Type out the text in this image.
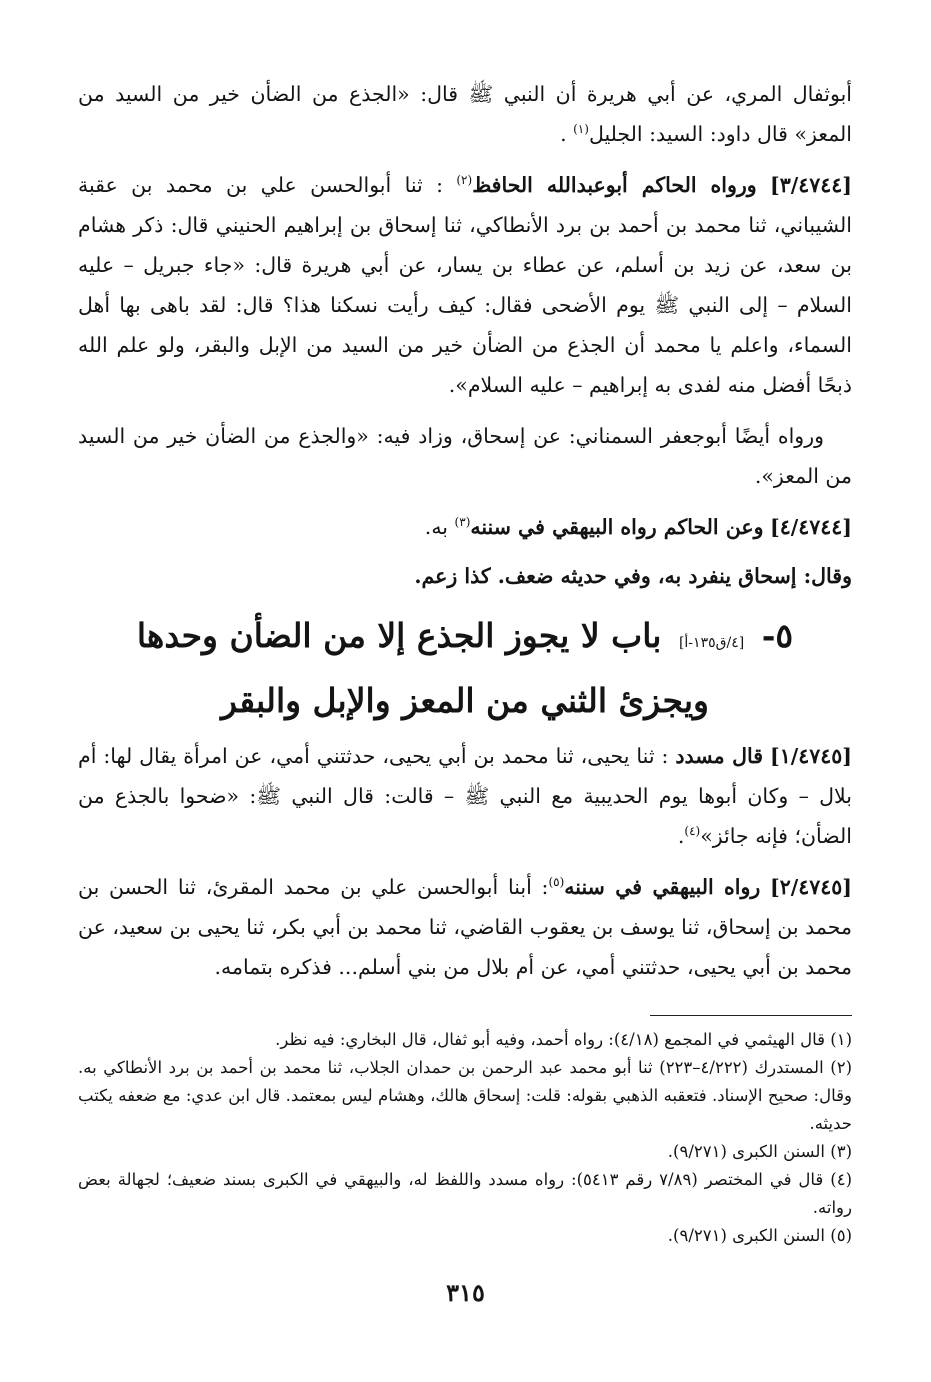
أبوثفال المري، عن أبي هريرة أن النبي ﷺ قال: «الجذع من الضأن خير من السيد من المعز» قال داود: السيد: الجليل$^{(١)}$ .

[٣/٤٧٤٤] ورواه الحاكم أبوعبدالله الحافظ$^{(٢)}$ : ثنا أبوالحسن علي بن محمد بن عقبة الشيباني، ثنا محمد بن أحمد بن برد الأنطاكي، ثنا إسحاق بن إبراهيم الحنيني قال: ذكر هشام بن سعد، عن زيد بن أسلم، عن عطاء بن يسار، عن أبي هريرة قال: «جاء جبريل – عليه السلام – إلى النبي ﷺ يوم الأضحى فقال: كيف رأيت نسكنا هذا؟ قال: لقد باهى بها أهل السماء، واعلم يا محمد أن الجذع من الضأن خير من السيد من الإبل والبقر، ولو علم الله ذبحًا أفضل منه لفدى به إبراهيم – عليه السلام».

ورواه أيضًا أبوجعفر السمناني: عن إسحاق، وزاد فيه: «والجذع من الضأن خير من السيد من المعز».

[٤/٤٧٤٤] وعن الحاكم رواه البيهقي في سننه$^{(٣)}$ به.

وقال: إسحاق ينفرد به، وفي حديثه ضعف. كذا زعم.

٥- [٤/ق١٣٥-أ] باب لا يجوز الجذع إلا من الضأن وحدها
ويجزئ الثني من المعز والإبل والبقر

[١/٤٧٤٥] قال مسدد : ثنا يحيى، ثنا محمد بن أبي يحيى، حدثتني أمي، عن امرأة يقال لها: أم بلال – وكان أبوها يوم الحديبية مع النبي ﷺ – قالت: قال النبي ﷺ: «ضحوا بالجذع من الضأن؛ فإنه جائز»$^{(٤)}$.

[٢/٤٧٤٥] رواه البيهقي في سننه$^{(٥)}$: أبنا أبوالحسن علي بن محمد المقرئ، ثنا الحسن بن محمد بن إسحاق، ثنا يوسف بن يعقوب القاضي، ثنا محمد بن أبي بكر، ثنا يحيى بن سعيد، عن محمد بن أبي يحيى، حدثتني أمي، عن أم بلال من بني أسلم... فذكره بتمامه.

(١) قال الهيثمي في المجمع (٤/١٨): رواه أحمد، وفيه أبو ثفال، قال البخاري: فيه نظر.

(٢) المستدرك (٤/٢٢٢–٢٢٣) ثنا أبو محمد عبد الرحمن بن حمدان الجلاب، ثنا محمد بن أحمد بن برد الأنطاكي به. وقال: صحيح الإسناد. فتعقبه الذهبي بقوله: قلت: إسحاق هالك، وهشام ليس بمعتمد. قال ابن عدي: مع ضعفه يكتب حديثه.

(٣) السنن الكبرى (٩/٢٧١).

(٤) قال في المختصر (٧/٨٩ رقم ٥٤١٣): رواه مسدد واللفظ له، والبيهقي في الكبرى بسند ضعيف؛ لجهالة بعض رواته.

(٥) السنن الكبرى (٩/٢٧١).

٣١٥
